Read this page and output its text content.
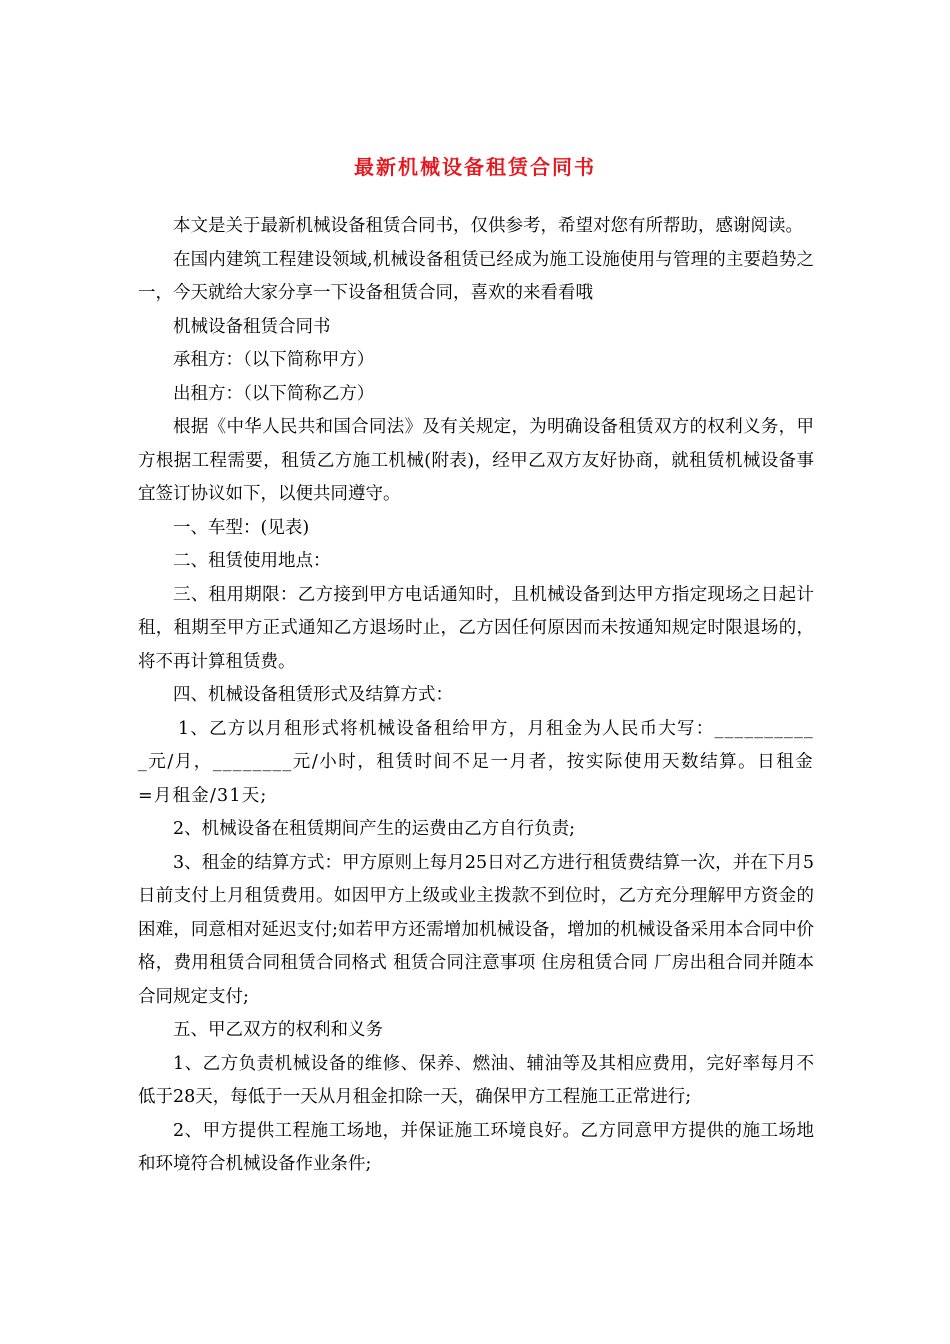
最新机械设备租赁合同书

本文是关于最新机械设备租赁合同书，仅供参考，希望对您有所帮助，感谢阅读。

在国内建筑工程建设领域,机械设备租赁已经成为施工设施使用与管理的主要趋势之一，今天就给大家分享一下设备租赁合同，喜欢的来看看哦

机械设备租赁合同书

承租方：（以下简称甲方）

出租方：（以下简称乙方）

根据《中华人民共和国合同法》及有关规定，为明确设备租赁双方的权利义务，甲方根据工程需要，租赁乙方施工机械(附表)，经甲乙双方友好协商，就租赁机械设备事宜签订协议如下，以便共同遵守。

一、车型：(见表)

二、租赁使用地点：

三、租用期限：乙方接到甲方电话通知时，且机械设备到达甲方指定现场之日起计租，租期至甲方正式通知乙方退场时止，乙方因任何原因而未按通知规定时限退场的，将不再计算租赁费。

四、机械设备租赁形式及结算方式：

1、乙方以月租形式将机械设备租给甲方，月租金为人民币大写：___________元/月，________元/小时，租赁时间不足一月者，按实际使用天数结算。日租金=月租金/31天;

2、机械设备在租赁期间产生的运费由乙方自行负责;

3、租金的结算方式：甲方原则上每月25日对乙方进行租赁费结算一次，并在下月5日前支付上月租赁费用。如因甲方上级或业主拨款不到位时，乙方充分理解甲方资金的困难，同意相对延迟支付;如若甲方还需增加机械设备，增加的机械设备采用本合同中价格，费用租赁合同租赁合同格式 租赁合同注意事项 住房租赁合同 厂房出租合同并随本合同规定支付;

五、甲乙双方的权利和义务

1、乙方负责机械设备的维修、保养、燃油、辅油等及其相应费用，完好率每月不低于28天，每低于一天从月租金扣除一天，确保甲方工程施工正常进行;

2、甲方提供工程施工场地，并保证施工环境良好。乙方同意甲方提供的施工场地和环境符合机械设备作业条件;
